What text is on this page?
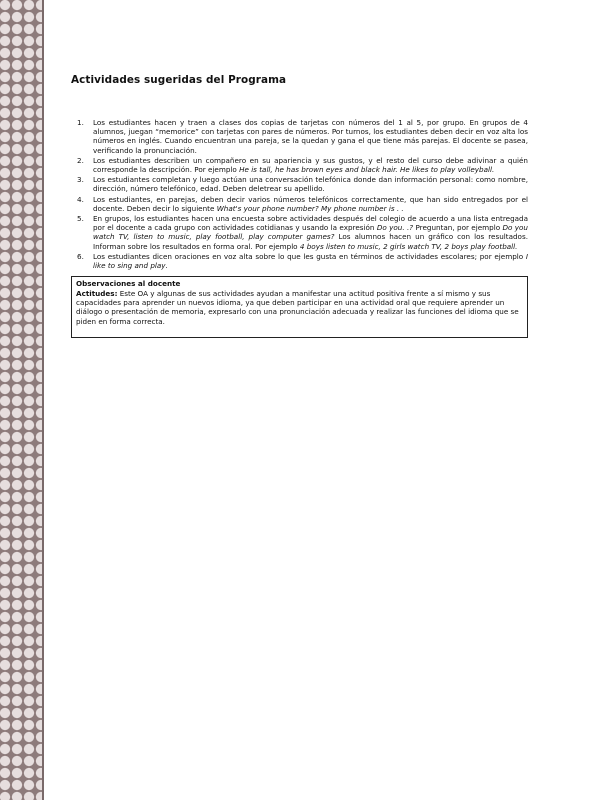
Actividades sugeridas del Programa
1. Los estudiantes hacen y traen a clases dos copias de tarjetas con números del 1 al 5, por grupo. En grupos de 4 alumnos, juegan “memorice” con tarjetas con pares de números. Por turnos, los estudiantes deben decir en voz alta los números en inglés. Cuando encuentran una pareja, se la quedan y gana el que tiene más parejas. El docente se pasea, verificando la pronunciación.
2. Los estudiantes describen un compañero en su apariencia y sus gustos, y el resto del curso debe adivinar a quién corresponde la descripción. Por ejemplo He is tall, he has brown eyes and black hair. He likes to play volleyball.
3. Los estudiantes completan y luego actúan una conversación telefónica donde dan información personal: como nombre, dirección, número telefónico, edad. Deben deletrear su apellido.
4. Los estudiantes, en parejas, deben decir varios números telefónicos correctamente, que han sido entregados por el docente. Deben decir lo siguiente What's your phone number? My phone number is . .
5. En grupos, los estudiantes hacen una encuesta sobre actividades después del colegio de acuerdo a una lista entregada por el docente a cada grupo con actividades cotidianas y usando la expresión Do you. .? Preguntan, por ejemplo Do you watch TV, listen to music, play football, play computer games? Los alumnos hacen un gráfico con los resultados. Informan sobre los resultados en forma oral. Por ejemplo 4 boys listen to music, 2 girls watch TV, 2 boys play football.
6. Los estudiantes dicen oraciones en voz alta sobre lo que les gusta en términos de actividades escolares; por ejemplo I like to sing and play.
Observaciones al docente
Actitudes: Este OA y algunas de sus actividades ayudan a manifestar una actitud positiva frente a sí mismo y sus capacidades para aprender un nuevos idioma, ya que deben participar en una actividad oral que requiere aprender un diálogo o presentación de memoria, expresarlo con una pronunciación adecuada y realizar las funciones del idioma que se piden en forma correcta.
